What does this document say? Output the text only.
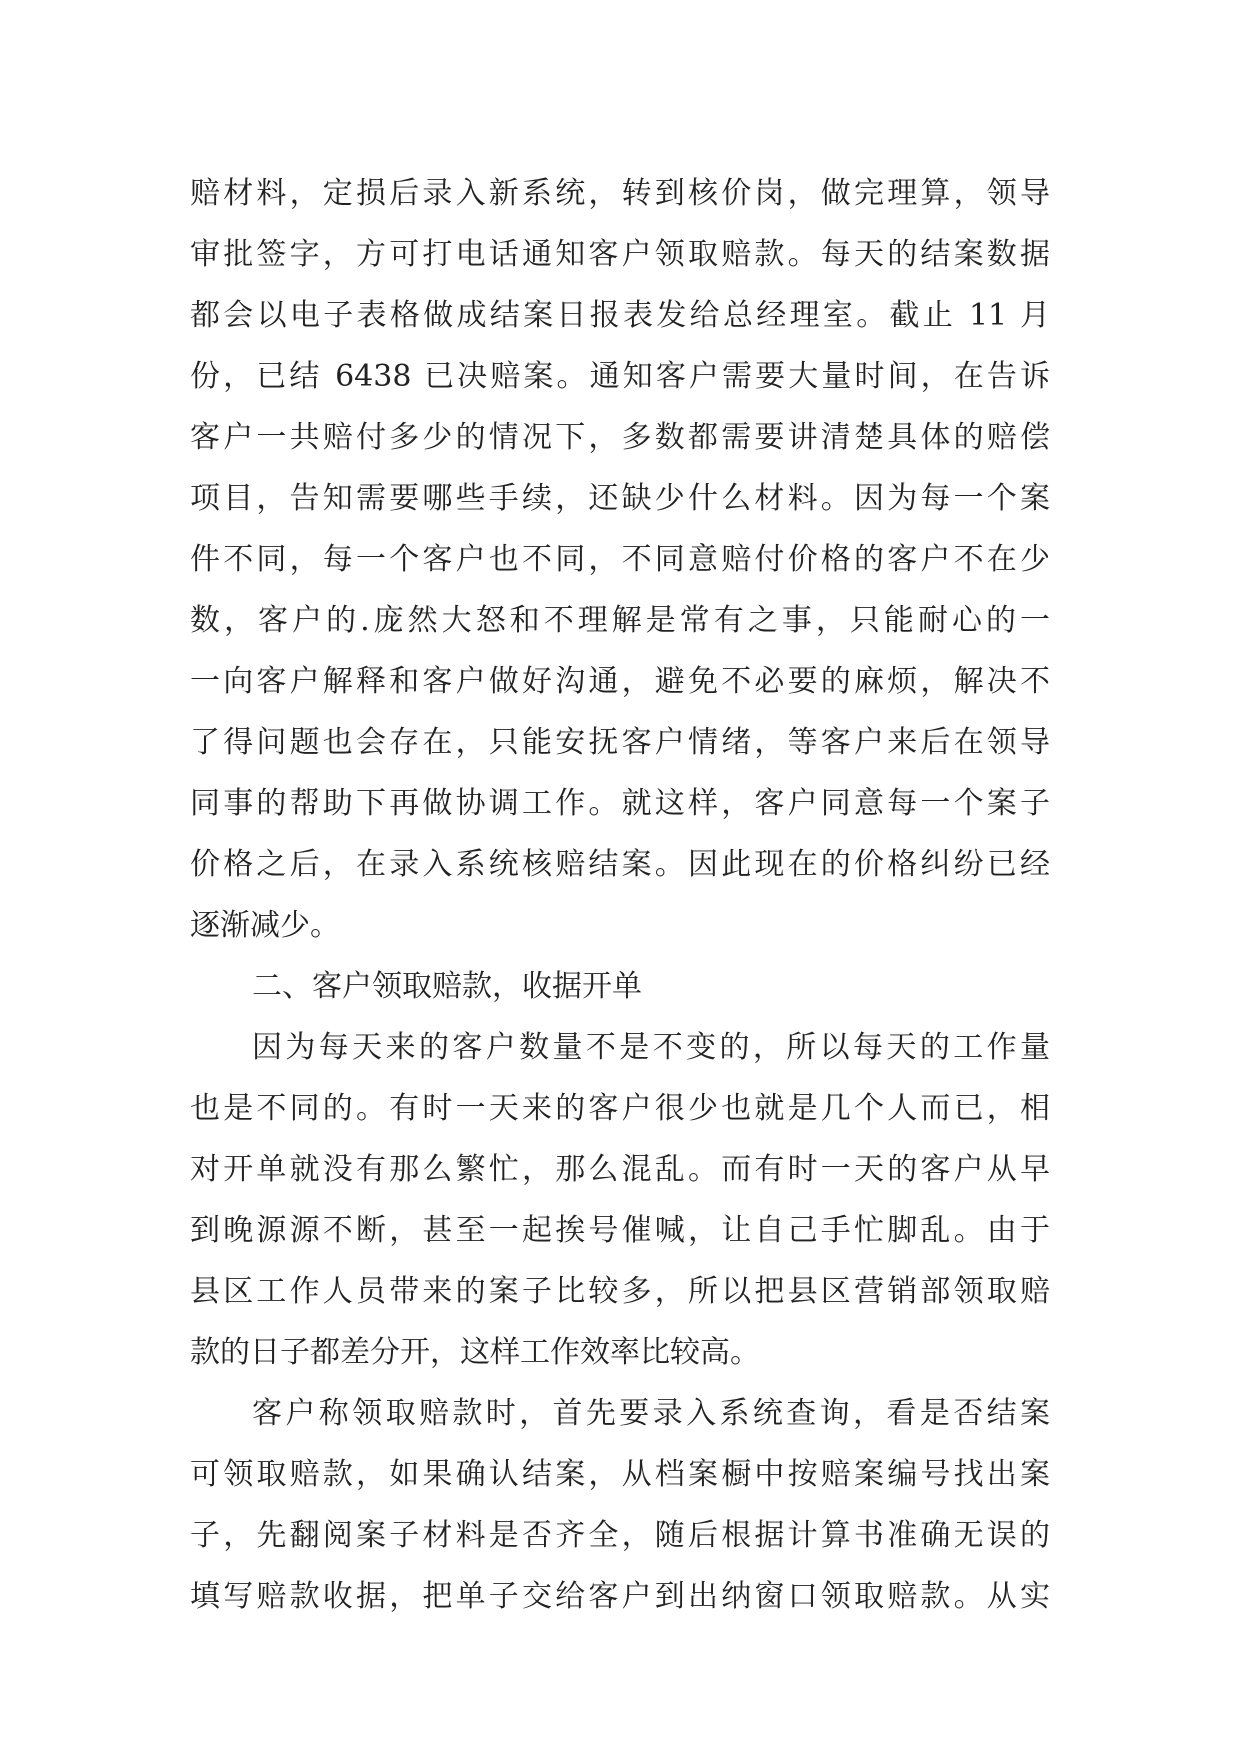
赔材料，定损后录入新系统，转到核价岗，做完理算，领导
审批签字，方可打电话通知客户领取赔款。每天的结案数据
都会以电子表格做成结案日报表发给总经理室。截止 11 月
份，已结 6438 已决赔案。通知客户需要大量时间，在告诉
客户一共赔付多少的情况下，多数都需要讲清楚具体的赔偿
项目，告知需要哪些手续，还缺少什么材料。因为每一个案
件不同，每一个客户也不同，不同意赔付价格的客户不在少
数，客户的.庞然大怒和不理解是常有之事，只能耐心的一
一向客户解释和客户做好沟通，避免不必要的麻烦，解决不
了得问题也会存在，只能安抚客户情绪，等客户来后在领导
同事的帮助下再做协调工作。就这样，客户同意每一个案子
价格之后，在录入系统核赔结案。因此现在的价格纠纷已经
逐渐减少。
二、客户领取赔款，收据开单
因为每天来的客户数量不是不变的，所以每天的工作量
也是不同的。有时一天来的客户很少也就是几个人而已，相
对开单就没有那么繁忙，那么混乱。而有时一天的客户从早
到晚源源不断，甚至一起挨号催喊，让自己手忙脚乱。由于
县区工作人员带来的案子比较多，所以把县区营销部领取赔
款的日子都差分开，这样工作效率比较高。
客户称领取赔款时，首先要录入系统查询，看是否结案
可领取赔款，如果确认结案，从档案橱中按赔案编号找出案
子，先翻阅案子材料是否齐全，随后根据计算书准确无误的
填写赔款收据，把单子交给客户到出纳窗口领取赔款。从实
